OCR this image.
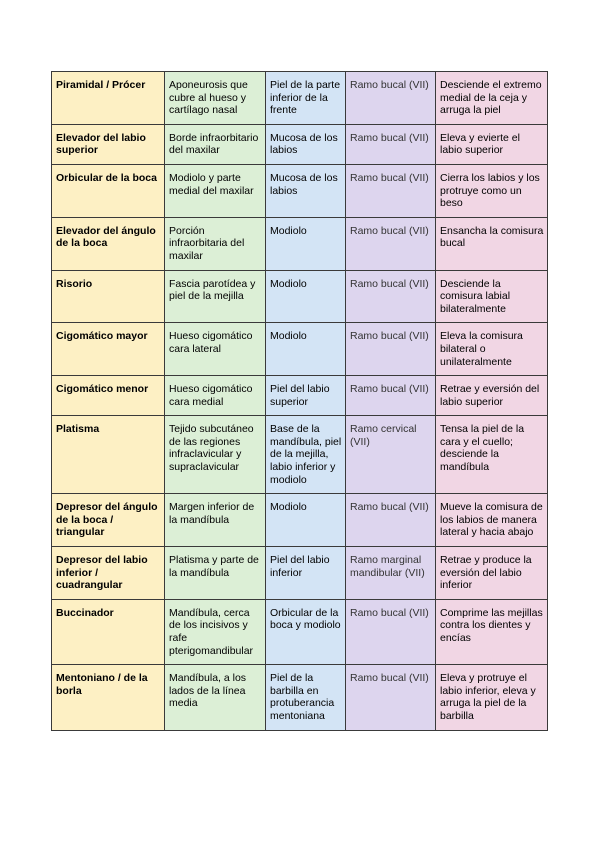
Piramidal / Prócer	Aponeurosis que cubre al hueso y cartílago nasal	Piel de la parte inferior de la frente	Ramo bucal (VII)	Desciende el extremo medial de la ceja y arruga la piel
Elevador del labio superior	Borde infraorbitario del maxilar	Mucosa de los labios	Ramo bucal (VII)	Eleva y evierte el labio superior
Orbicular de la boca	Modiolo y parte medial del maxilar	Mucosa de los labios	Ramo bucal (VII)	Cierra los labios y los protruye como un beso
Elevador del ángulo de la boca	Porción infraorbitaria del maxilar	Modiolo	Ramo bucal (VII)	Ensancha la comisura bucal
Risorio	Fascia parotídea y piel de la mejilla	Modiolo	Ramo bucal (VII)	Desciende la comisura labial bilateralmente
Cigomático mayor	Hueso cigomático cara lateral	Modiolo	Ramo bucal (VII)	Eleva la comisura bilateral o unilateralmente
Cigomático menor	Hueso cigomático cara medial	Piel del labio superior	Ramo bucal (VII)	Retrae y eversión del labio superior
Platisma	Tejido subcutáneo de las regiones infraclavicular y supraclavicular	Base de la mandíbula, piel de la mejilla, labio inferior y modiolo	Ramo cervical (VII)	Tensa la piel de la cara y el cuello; desciende la mandíbula
Depresor del ángulo de la boca / triangular	Margen inferior de la mandíbula	Modiolo	Ramo bucal (VII)	Mueve la comisura de los labios de manera lateral y hacia abajo
Depresor del labio inferior / cuadrangular	Platisma y parte de la mandíbula	Piel del labio inferior	Ramo marginal mandibular (VII)	Retrae y produce la eversión del labio inferior
Buccinador	Mandíbula, cerca de los incisivos y rafe pterigomandibular	Orbicular de la boca y modiolo	Ramo bucal (VII)	Comprime las mejillas contra los dientes y encías
Mentoniano / de la borla	Mandíbula, a los lados de la línea media	Piel de la barbilla en protuberancia mentoniana	Ramo bucal (VII)	Eleva y protruye el labio inferior, eleva y arruga la piel de la barbilla
